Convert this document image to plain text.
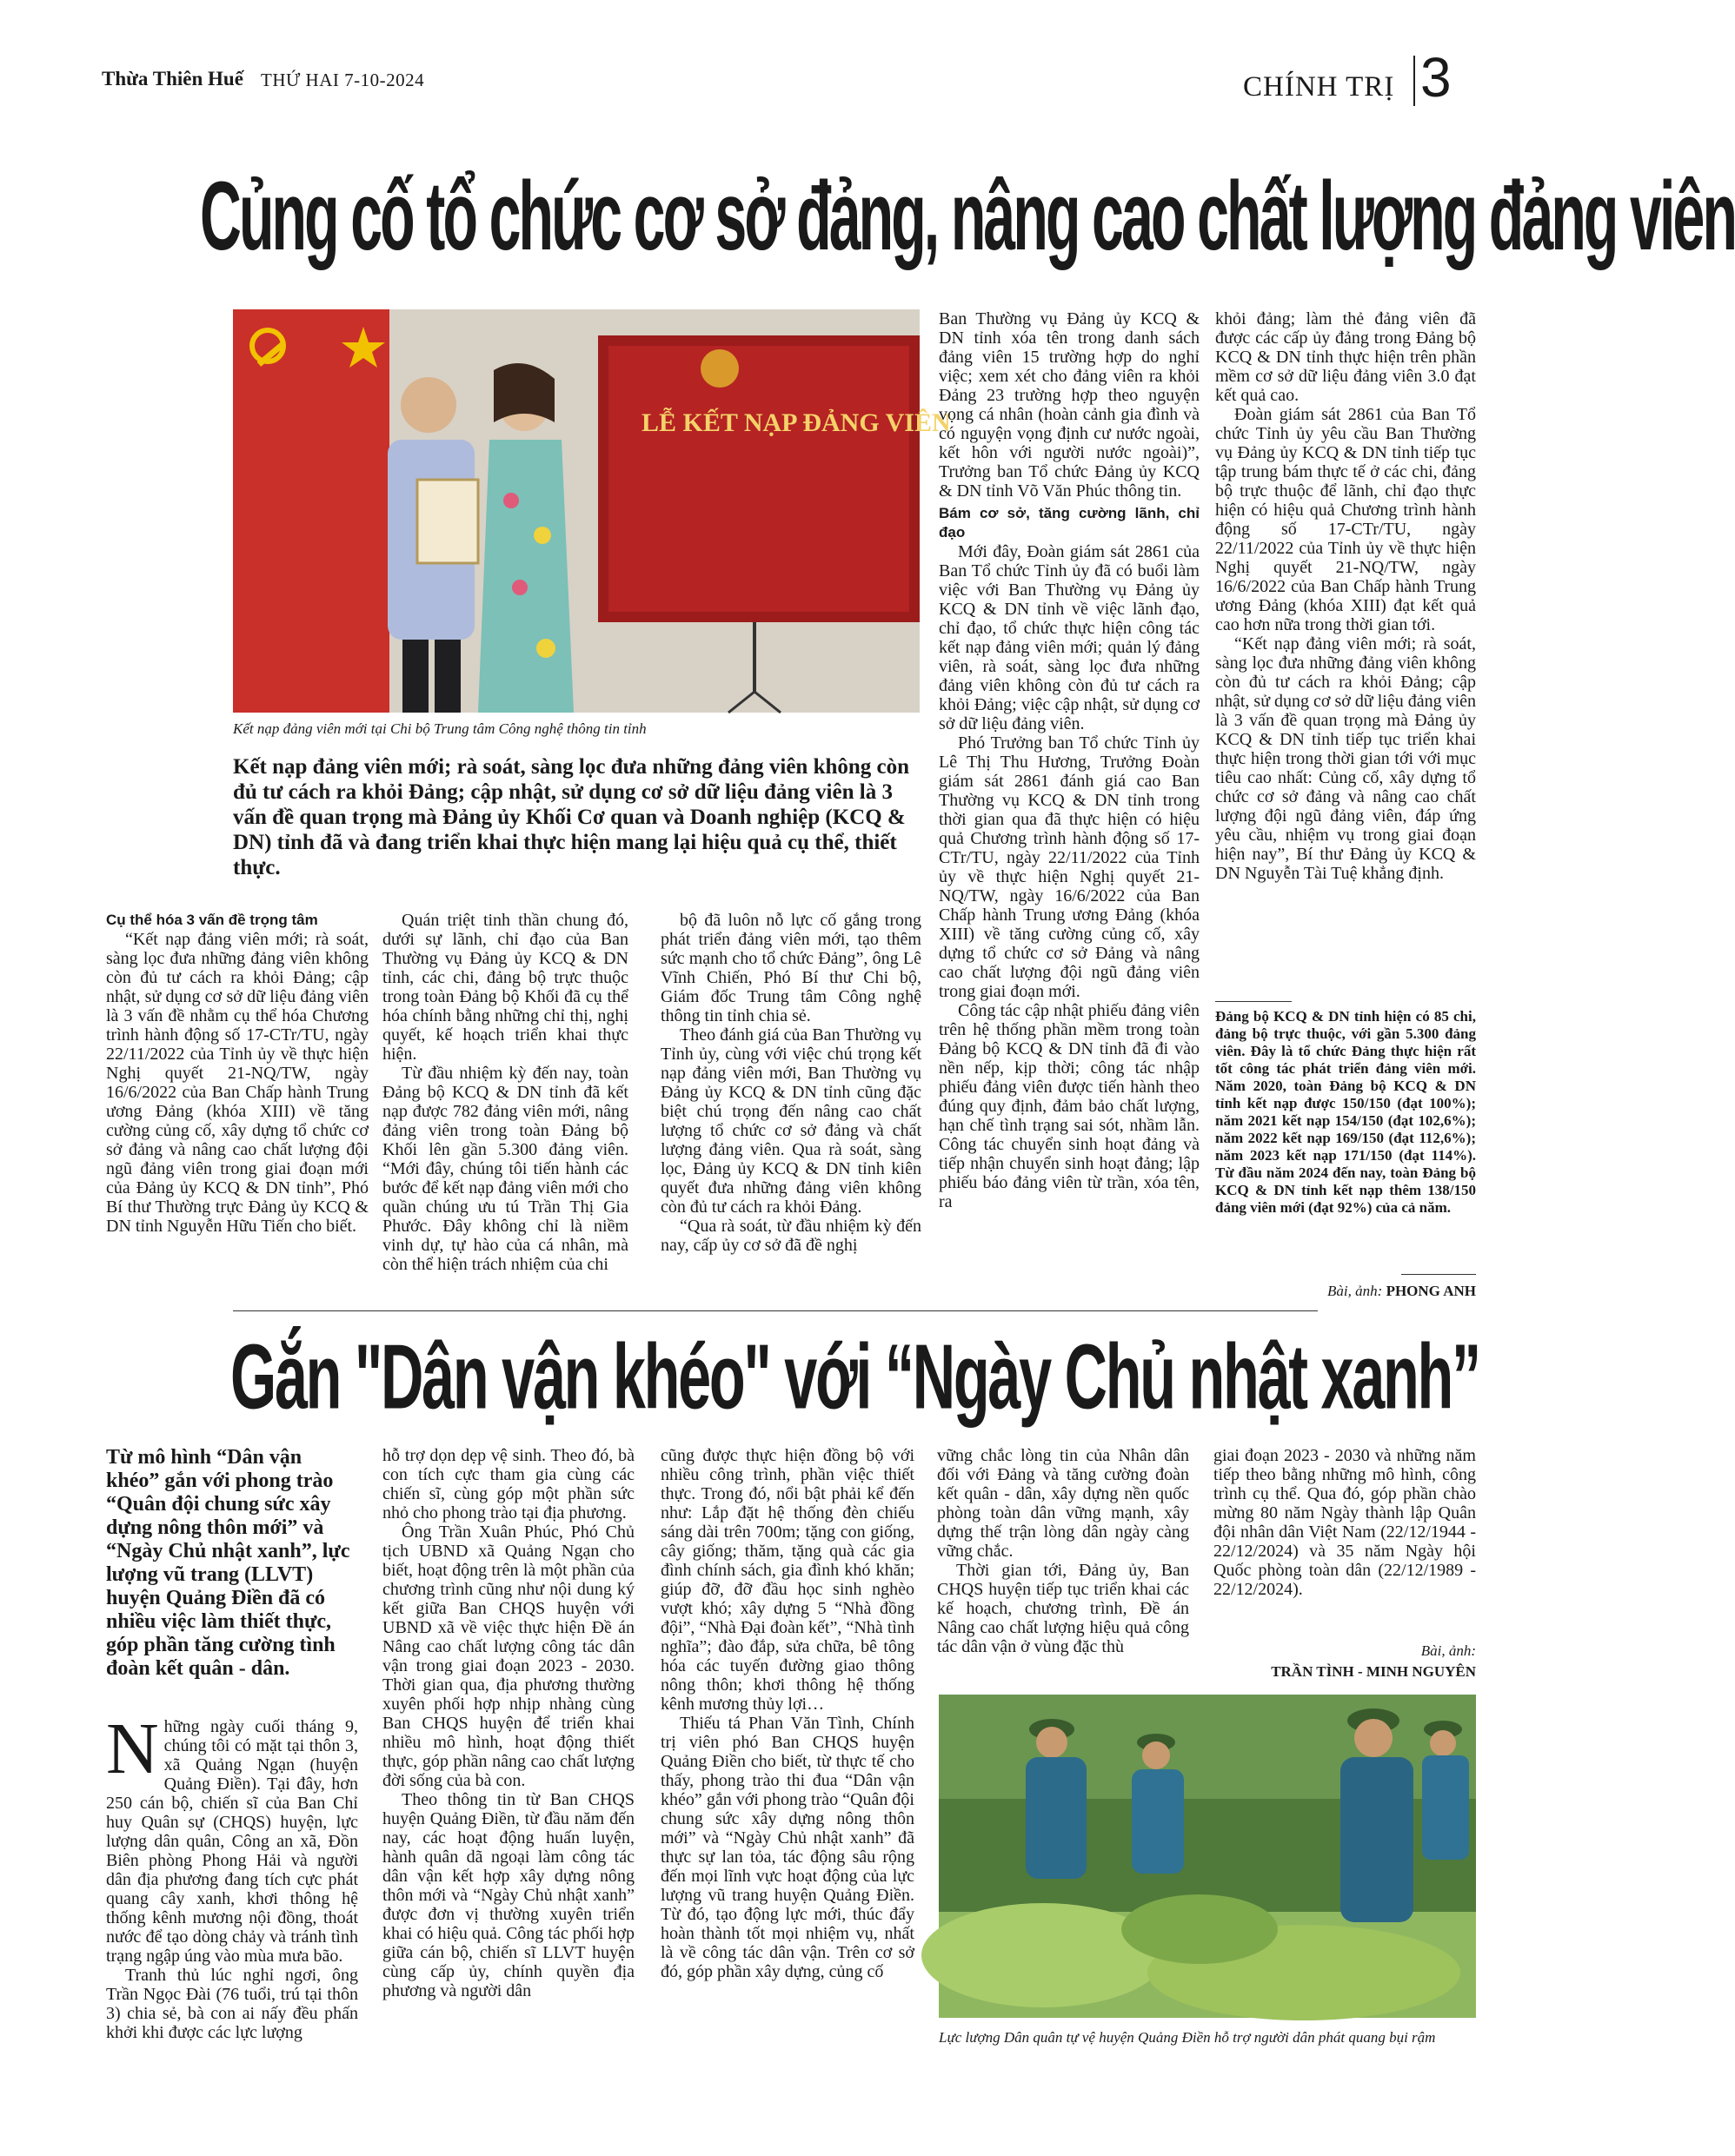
Thừa Thiên Huế THỨ HAI 7-10-2024	CHÍNH TRỊ 3
Củng cố tổ chức cơ sở đảng, nâng cao chất lượng đảng viên
LỄ KẾT NẠP ĐẢNG VIÊN
Kết nạp đảng viên mới tại Chi bộ Trung tâm Công nghệ thông tin tỉnh
Kết nạp đảng viên mới; rà soát, sàng lọc đưa những đảng viên không còn đủ tư cách ra khỏi Đảng; cập nhật, sử dụng cơ sở dữ liệu đảng viên là 3 vấn đề quan trọng mà Đảng ủy Khối Cơ quan và Doanh nghiệp (KCQ & DN) tỉnh đã và đang triển khai thực hiện mang lại hiệu quả cụ thể, thiết thực.
Cụ thể hóa 3 vấn đề trọng tâm

“Kết nạp đảng viên mới; rà soát, sàng lọc đưa những đảng viên không còn đủ tư cách ra khỏi Đảng; cập nhật, sử dụng cơ sở dữ liệu đảng viên là 3 vấn đề nhằm cụ thể hóa Chương trình hành động số 17-CTr/TU, ngày 22/11/2022 của Tỉnh ủy về thực hiện Nghị quyết 21-NQ/TW, ngày 16/6/2022 của Ban Chấp hành Trung ương Đảng (khóa XIII) về tăng cường củng cố, xây dựng tổ chức cơ sở đảng và nâng cao chất lượng đội ngũ đảng viên trong giai đoạn mới của Đảng ủy KCQ & DN tỉnh”, Phó Bí thư Thường trực Đảng ủy KCQ & DN tỉnh Nguyễn Hữu Tiến cho biết.

Quán triệt tinh thần chung đó, dưới sự lãnh, chỉ đạo của Ban Thường vụ Đảng ủy KCQ & DN tỉnh, các chi, đảng bộ trực thuộc trong toàn Đảng bộ Khối đã cụ thể hóa chính bằng những chỉ thị, nghị quyết, kế hoạch triển khai thực hiện.

Từ đầu nhiệm kỳ đến nay, toàn Đảng bộ KCQ & DN tỉnh đã kết nạp được 782 đảng viên mới, nâng đảng viên trong toàn Đảng bộ Khối lên gần 5.300 đảng viên. “Mới đây, chúng tôi tiến hành các bước để kết nạp đảng viên mới cho quần chúng ưu tú Trần Thị Gia Phước. Đây không chỉ là niềm vinh dự, tự hào của cá nhân, mà còn thể hiện trách nhiệm của chi

bộ đã luôn nỗ lực cố gắng trong phát triển đảng viên mới, tạo thêm sức mạnh cho tổ chức Đảng”, ông Lê Vĩnh Chiến, Phó Bí thư Chi bộ, Giám đốc Trung tâm Công nghệ thông tin tỉnh chia sẻ.

Theo đánh giá của Ban Thường vụ Tỉnh ủy, cùng với việc chú trọng kết nạp đảng viên mới, Ban Thường vụ Đảng ủy KCQ & DN tỉnh cũng đặc biệt chú trọng đến nâng cao chất lượng tổ chức cơ sở đảng và chất lượng đảng viên. Qua rà soát, sàng lọc, Đảng ủy KCQ & DN tỉnh kiên quyết đưa những đảng viên không còn đủ tư cách ra khỏi Đảng.

“Qua rà soát, từ đầu nhiệm kỳ đến nay, cấp ủy cơ sở đã đề nghị

Ban Thường vụ Đảng ủy KCQ & DN tỉnh xóa tên trong danh sách đảng viên 15 trường hợp do nghỉ việc; xem xét cho đảng viên ra khỏi Đảng 23 trường hợp theo nguyện vọng cá nhân (hoàn cảnh gia đình và có nguyện vọng định cư nước ngoài, kết hôn với người nước ngoài)”, Trưởng ban Tổ chức Đảng ủy KCQ & DN tỉnh Võ Văn Phúc thông tin.

Bám cơ sở, tăng cường lãnh, chỉ đạo

Mới đây, Đoàn giám sát 2861 của Ban Tổ chức Tỉnh ủy đã có buổi làm việc với Ban Thường vụ Đảng ủy KCQ & DN tỉnh về việc lãnh đạo, chỉ đạo, tổ chức thực hiện công tác kết nạp đảng viên mới; quản lý đảng viên, rà soát, sàng lọc đưa những đảng viên không còn đủ tư cách ra khỏi Đảng; việc cập nhật, sử dụng cơ sở dữ liệu đảng viên.

Phó Trưởng ban Tổ chức Tỉnh ủy Lê Thị Thu Hương, Trưởng Đoàn giám sát 2861 đánh giá cao Ban Thường vụ KCQ & DN tỉnh trong thời gian qua đã thực hiện có hiệu quả Chương trình hành động số 17-CTr/TU, ngày 22/11/2022 của Tỉnh ủy về thực hiện Nghị quyết 21-NQ/TW, ngày 16/6/2022 của Ban Chấp hành Trung ương Đảng (khóa XIII) về tăng cường củng cố, xây dựng tổ chức cơ sở Đảng và nâng cao chất lượng đội ngũ đảng viên trong giai đoạn mới.

Công tác cập nhật phiếu đảng viên trên hệ thống phần mềm trong toàn Đảng bộ KCQ & DN tỉnh đã đi vào nền nếp, kịp thời; công tác nhập phiếu đảng viên được tiến hành theo đúng quy định, đảm bảo chất lượng, hạn chế tình trạng sai sót, nhầm lẫn. Công tác chuyển sinh hoạt đảng và tiếp nhận chuyển sinh hoạt đảng; lập phiếu báo đảng viên từ trần, xóa tên, ra

khỏi đảng; làm thẻ đảng viên đã được các cấp ủy đảng trong Đảng bộ KCQ & DN tỉnh thực hiện trên phần mềm cơ sở dữ liệu đảng viên 3.0 đạt kết quả cao.

Đoàn giám sát 2861 của Ban Tổ chức Tỉnh ủy yêu cầu Ban Thường vụ Đảng ủy KCQ & DN tỉnh tiếp tục tập trung bám thực tế ở các chi, đảng bộ trực thuộc để lãnh, chỉ đạo thực hiện có hiệu quả Chương trình hành động số 17-CTr/TU, ngày 22/11/2022 của Tỉnh ủy về thực hiện Nghị quyết 21-NQ/TW, ngày 16/6/2022 của Ban Chấp hành Trung ương Đảng (khóa XIII) đạt kết quả cao hơn nữa trong thời gian tới.

“Kết nạp đảng viên mới; rà soát, sàng lọc đưa những đảng viên không còn đủ tư cách ra khỏi Đảng; cập nhật, sử dụng cơ sở dữ liệu đảng viên là 3 vấn đề quan trọng mà Đảng ủy KCQ & DN tỉnh tiếp tục triển khai thực hiện trong thời gian tới với mục tiêu cao nhất: Củng cố, xây dựng tổ chức cơ sở đảng và nâng cao chất lượng đội ngũ đảng viên, đáp ứng yêu cầu, nhiệm vụ trong giai đoạn hiện nay”, Bí thư Đảng ủy KCQ & DN Nguyễn Tài Tuệ khẳng định.

Đảng bộ KCQ & DN tỉnh hiện có 85 chi, đảng bộ trực thuộc, với gần 5.300 đảng viên. Đây là tổ chức Đảng thực hiện rất tốt công tác phát triển đảng viên mới. Năm 2020, toàn Đảng bộ KCQ & DN tỉnh kết nạp được 150/150 (đạt 100%); năm 2021 kết nạp 154/150 (đạt 102,6%); năm 2022 kết nạp 169/150 (đạt 112,6%); năm 2023 kết nạp 171/150 (đạt 114%). Từ đầu năm 2024 đến nay, toàn Đảng bộ KCQ & DN tỉnh kết nạp thêm 138/150 đảng viên mới (đạt 92%) của cả năm.
Bài, ảnh: PHONG ANH
Gắn "Dân vận khéo" với “Ngày Chủ nhật xanh”
Từ mô hình “Dân vận khéo” gắn với phong trào “Quân đội chung sức xây dựng nông thôn mới” và “Ngày Chủ nhật xanh”, lực lượng vũ trang (LLVT) huyện Quảng Điền đã có nhiều việc làm thiết thực, góp phần tăng cường tình đoàn kết quân - dân.
N hững ngày cuối tháng 9, chúng tôi có mặt tại thôn 3, xã Quảng Ngạn (huyện Quảng Điền). Tại đây, hơn 250 cán bộ, chiến sĩ của Ban Chỉ huy Quân sự (CHQS) huyện, lực lượng dân quân, Công an xã, Đồn Biên phòng Phong Hải và người dân địa phương đang tích cực phát quang cây xanh, khơi thông hệ thống kênh mương nội đồng, thoát nước để tạo dòng chảy và tránh tình trạng ngập úng vào mùa mưa bão.

Tranh thủ lúc nghỉ ngơi, ông Trần Ngọc Đài (76 tuổi, trú tại thôn 3) chia sẻ, bà con ai nấy đều phấn khởi khi được các lực lượng

hỗ trợ dọn dẹp vệ sinh. Theo đó, bà con tích cực tham gia cùng các chiến sĩ, cùng góp một phần sức nhỏ cho phong trào tại địa phương.

Ông Trần Xuân Phúc, Phó Chủ tịch UBND xã Quảng Ngạn cho biết, hoạt động trên là một phần của chương trình cũng như nội dung ký kết giữa Ban CHQS huyện với UBND xã về việc thực hiện Đề án Nâng cao chất lượng công tác dân vận trong giai đoạn 2023 - 2030. Thời gian qua, địa phương thường xuyên phối hợp nhịp nhàng cùng Ban CHQS huyện để triển khai nhiều mô hình, hoạt động thiết thực, góp phần nâng cao chất lượng đời sống của bà con.

Theo thông tin từ Ban CHQS huyện Quảng Điền, từ đầu năm đến nay, các hoạt động huấn luyện, hành quân dã ngoại làm công tác dân vận kết hợp xây dựng nông thôn mới và “Ngày Chủ nhật xanh” được đơn vị thường xuyên triển khai có hiệu quả. Công tác phối hợp giữa cán bộ, chiến sĩ LLVT huyện cùng cấp ủy, chính quyền địa phương và người dân

cũng được thực hiện đồng bộ với nhiều công trình, phần việc thiết thực. Trong đó, nổi bật phải kể đến như: Lắp đặt hệ thống đèn chiếu sáng dài trên 700m; tặng con giống, cây giống; thăm, tặng quà các gia đình chính sách, gia đình khó khăn; giúp đỡ, đỡ đầu học sinh nghèo vượt khó; xây dựng 5 “Nhà đồng đội”, “Nhà Đại đoàn kết”, “Nhà tình nghĩa”; đào đắp, sửa chữa, bê tông hóa các tuyến đường giao thông nông thôn; khơi thông hệ thống kênh mương thủy lợi…

Thiếu tá Phan Văn Tình, Chính trị viên phó Ban CHQS huyện Quảng Điền cho biết, từ thực tế cho thấy, phong trào thi đua “Dân vận khéo” gắn với phong trào “Quân đội chung sức xây dựng nông thôn mới” và “Ngày Chủ nhật xanh” đã thực sự lan tỏa, tác động sâu rộng đến mọi lĩnh vực hoạt động của lực lượng vũ trang huyện Quảng Điền. Từ đó, tạo động lực mới, thúc đẩy hoàn thành tốt mọi nhiệm vụ, nhất là về công tác dân vận. Trên cơ sở đó, góp phần xây dựng, củng cố

vững chắc lòng tin của Nhân dân đối với Đảng và tăng cường đoàn kết quân - dân, xây dựng nền quốc phòng toàn dân vững mạnh, xây dựng thế trận lòng dân ngày càng vững chắc.

Thời gian tới, Đảng ủy, Ban CHQS huyện tiếp tục triển khai các kế hoạch, chương trình, Đề án Nâng cao chất lượng hiệu quả công tác dân vận ở vùng đặc thù

giai đoạn 2023 - 2030 và những năm tiếp theo bằng những mô hình, công trình cụ thể. Qua đó, góp phần chào mừng 80 năm Ngày thành lập Quân đội nhân dân Việt Nam (22/12/1944 - 22/12/2024) và 35 năm Ngày hội Quốc phòng toàn dân (22/12/1989 - 22/12/2024).

Bài, ảnh:
TRẦN TÌNH - MINH NGUYÊN
Lực lượng Dân quân tự vệ huyện Quảng Điền hỗ trợ người dân phát quang bụi rậm
